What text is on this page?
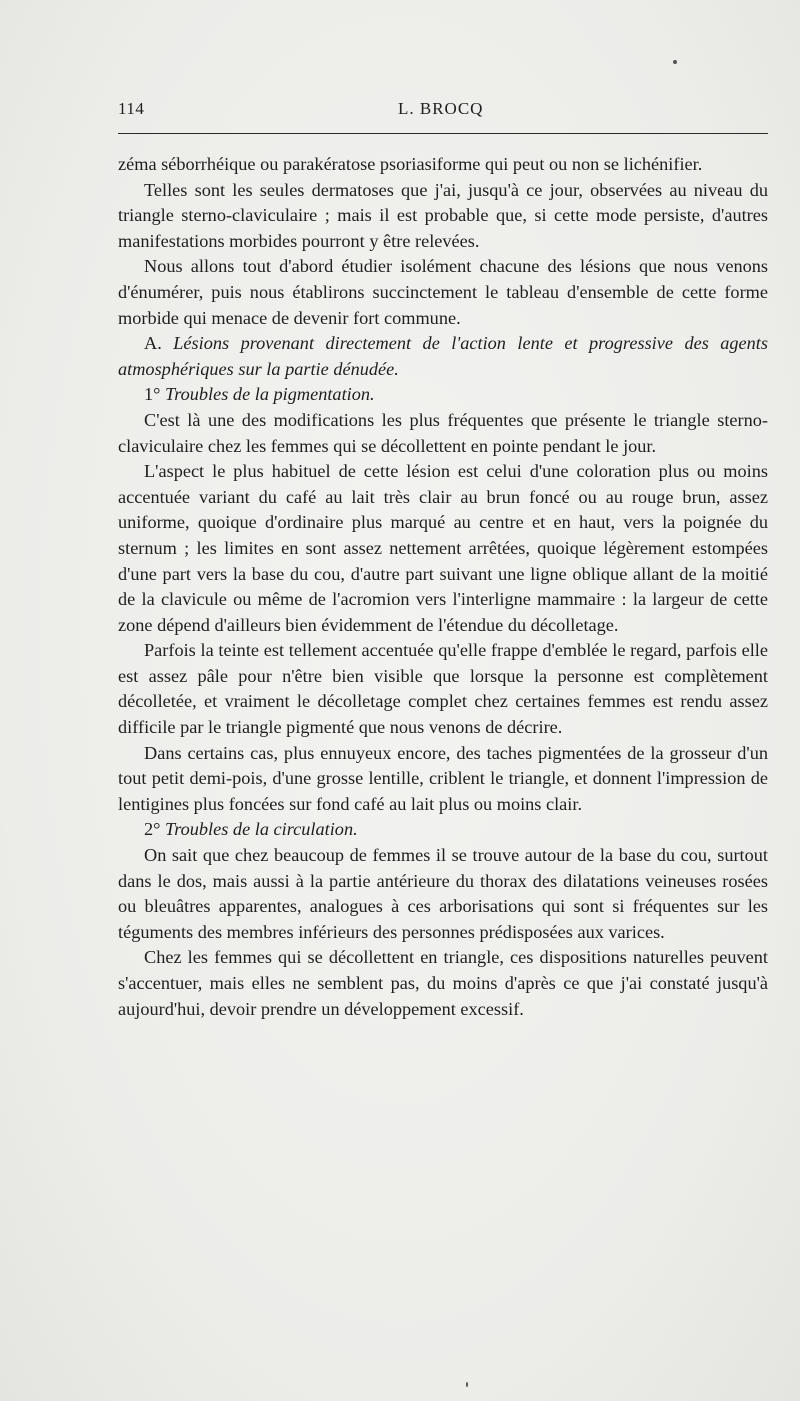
114	L. BROCQ

zéma séborrhéique ou parakératose psoriasiforme qui peut ou non se lichénifier.

Telles sont les seules dermatoses que j'ai, jusqu'à ce jour, observées au niveau du triangle sterno-claviculaire ; mais il est probable que, si cette mode persiste, d'autres manifestations morbides pourront y être relevées.

Nous allons tout d'abord étudier isolément chacune des lésions que nous venons d'énumérer, puis nous établirons succinctement le tableau d'ensemble de cette forme morbide qui menace de devenir fort commune.

A. Lésions provenant directement de l'action lente et progressive des agents atmosphériques sur la partie dénudée.

1° Troubles de la pigmentation.

C'est là une des modifications les plus fréquentes que présente le triangle sterno-claviculaire chez les femmes qui se décollettent en pointe pendant le jour.

L'aspect le plus habituel de cette lésion est celui d'une coloration plus ou moins accentuée variant du café au lait très clair au brun foncé ou au rouge brun, assez uniforme, quoique d'ordinaire plus marqué au centre et en haut, vers la poignée du sternum ; les limites en sont assez nettement arrêtées, quoique légèrement estompées d'une part vers la base du cou, d'autre part suivant une ligne oblique allant de la moitié de la clavicule ou même de l'acromion vers l'interligne mammaire : la largeur de cette zone dépend d'ailleurs bien évidemment de l'étendue du décolletage.

Parfois la teinte est tellement accentuée qu'elle frappe d'emblée le regard, parfois elle est assez pâle pour n'être bien visible que lorsque la personne est complètement décolletée, et vraiment le décolletage complet chez certaines femmes est rendu assez difficile par le triangle pigmenté que nous venons de décrire.

Dans certains cas, plus ennuyeux encore, des taches pigmentées de la grosseur d'un tout petit demi-pois, d'une grosse lentille, criblent le triangle, et donnent l'impression de lentigines plus foncées sur fond café au lait plus ou moins clair.

2° Troubles de la circulation.

On sait que chez beaucoup de femmes il se trouve autour de la base du cou, surtout dans le dos, mais aussi à la partie antérieure du thorax des dilatations veineuses rosées ou bleuâtres apparentes, analogues à ces arborisations qui sont si fréquentes sur les téguments des membres inférieurs des personnes prédisposées aux varices.

Chez les femmes qui se décollettent en triangle, ces dispositions naturelles peuvent s'accentuer, mais elles ne semblent pas, du moins d'après ce que j'ai constaté jusqu'à aujourd'hui, devoir prendre un développement excessif.
